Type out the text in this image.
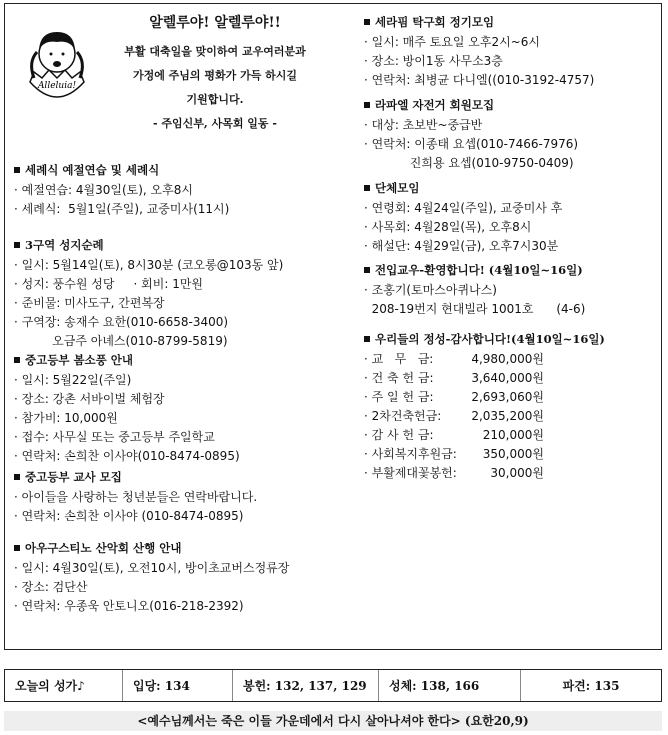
Alleluia!
알렐루야! 알렐루야!!
부활 대축일을 맞이하여 교우여러분과
가정에 주님의 평화가 가득 하시길
기원합니다.
- 주임신부, 사목회 일동 -
세례식 예절연습 및 세례식
· 예절연습: 4월30일(토), 오후8시
· 세례식:  5월1일(주일), 교중미사(11시)
3구역 성지순례
· 일시: 5월14일(토), 8시30분 (코오롱@103동 앞)
· 성지: 풍수원 성당     · 회비: 1만원
· 준비물: 미사도구, 간편복장
· 구역장: 송재수 요한(010-6658-3400)
오금주 아녜스(010-8799-5819)
중고등부 봄소풍 안내
· 일시: 5월22일(주일)
· 장소: 강촌 서바이벌 체험장
· 참가비: 10,000원
· 접수: 사무실 또는 중고등부 주일학교
· 연락처: 손희찬 이사야(010-8474-0895)
중고등부 교사 모집
· 아이들을 사랑하는 청년분들은 연락바랍니다.
· 연락처: 손희찬 이사야 (010-8474-0895)
아우구스티노 산악회 산행 안내
· 일시: 4월30일(토), 오전10시, 방이초교버스정류장
· 장소: 검단산
· 연락처: 우종욱 안토니오(016-218-2392)
세라핌 탁구회 정기모임
· 일시: 매주 토요일 오후2시~6시
· 장소: 방이1동 사무소3층
· 연락처: 최병균 다니엘((010-3192-4757)
라파엘 자전거 회원모집
· 대상: 초보반~중급반
· 연락처: 이종태 요셉(010-7466-7976)
진희용 요셉(010-9750-0409)
단체모임
· 연령회: 4월24일(주일), 교중미사 후
· 사목회: 4월28일(목), 오후8시
· 해설단: 4월29일(금), 오후7시30분
전입교우-환영합니다! (4월10일~16일)
· 조홍기(토마스아퀴나스)
208-19번지 현대빌라 1001호      (4-6)
우리들의 정성-감사합니다!(4월10일~16일)
· 교   무   금:	4,980,000원
· 건 축 헌 금:	3,640,000원
· 주 일 헌 금:	2,693,060원
· 2차건축헌금:	2,035,200원
· 감 사 헌 금:	210,000원
· 사회복지후원금:	350,000원
· 부활제대꽃봉헌:	30,000원
오늘의 성가♪	입당: 134	봉헌: 132, 137, 129	성체: 138, 166	파견: 135
<예수님께서는 죽은 이들 가운데에서 다시 살아나셔야 한다> (요한20,9)
